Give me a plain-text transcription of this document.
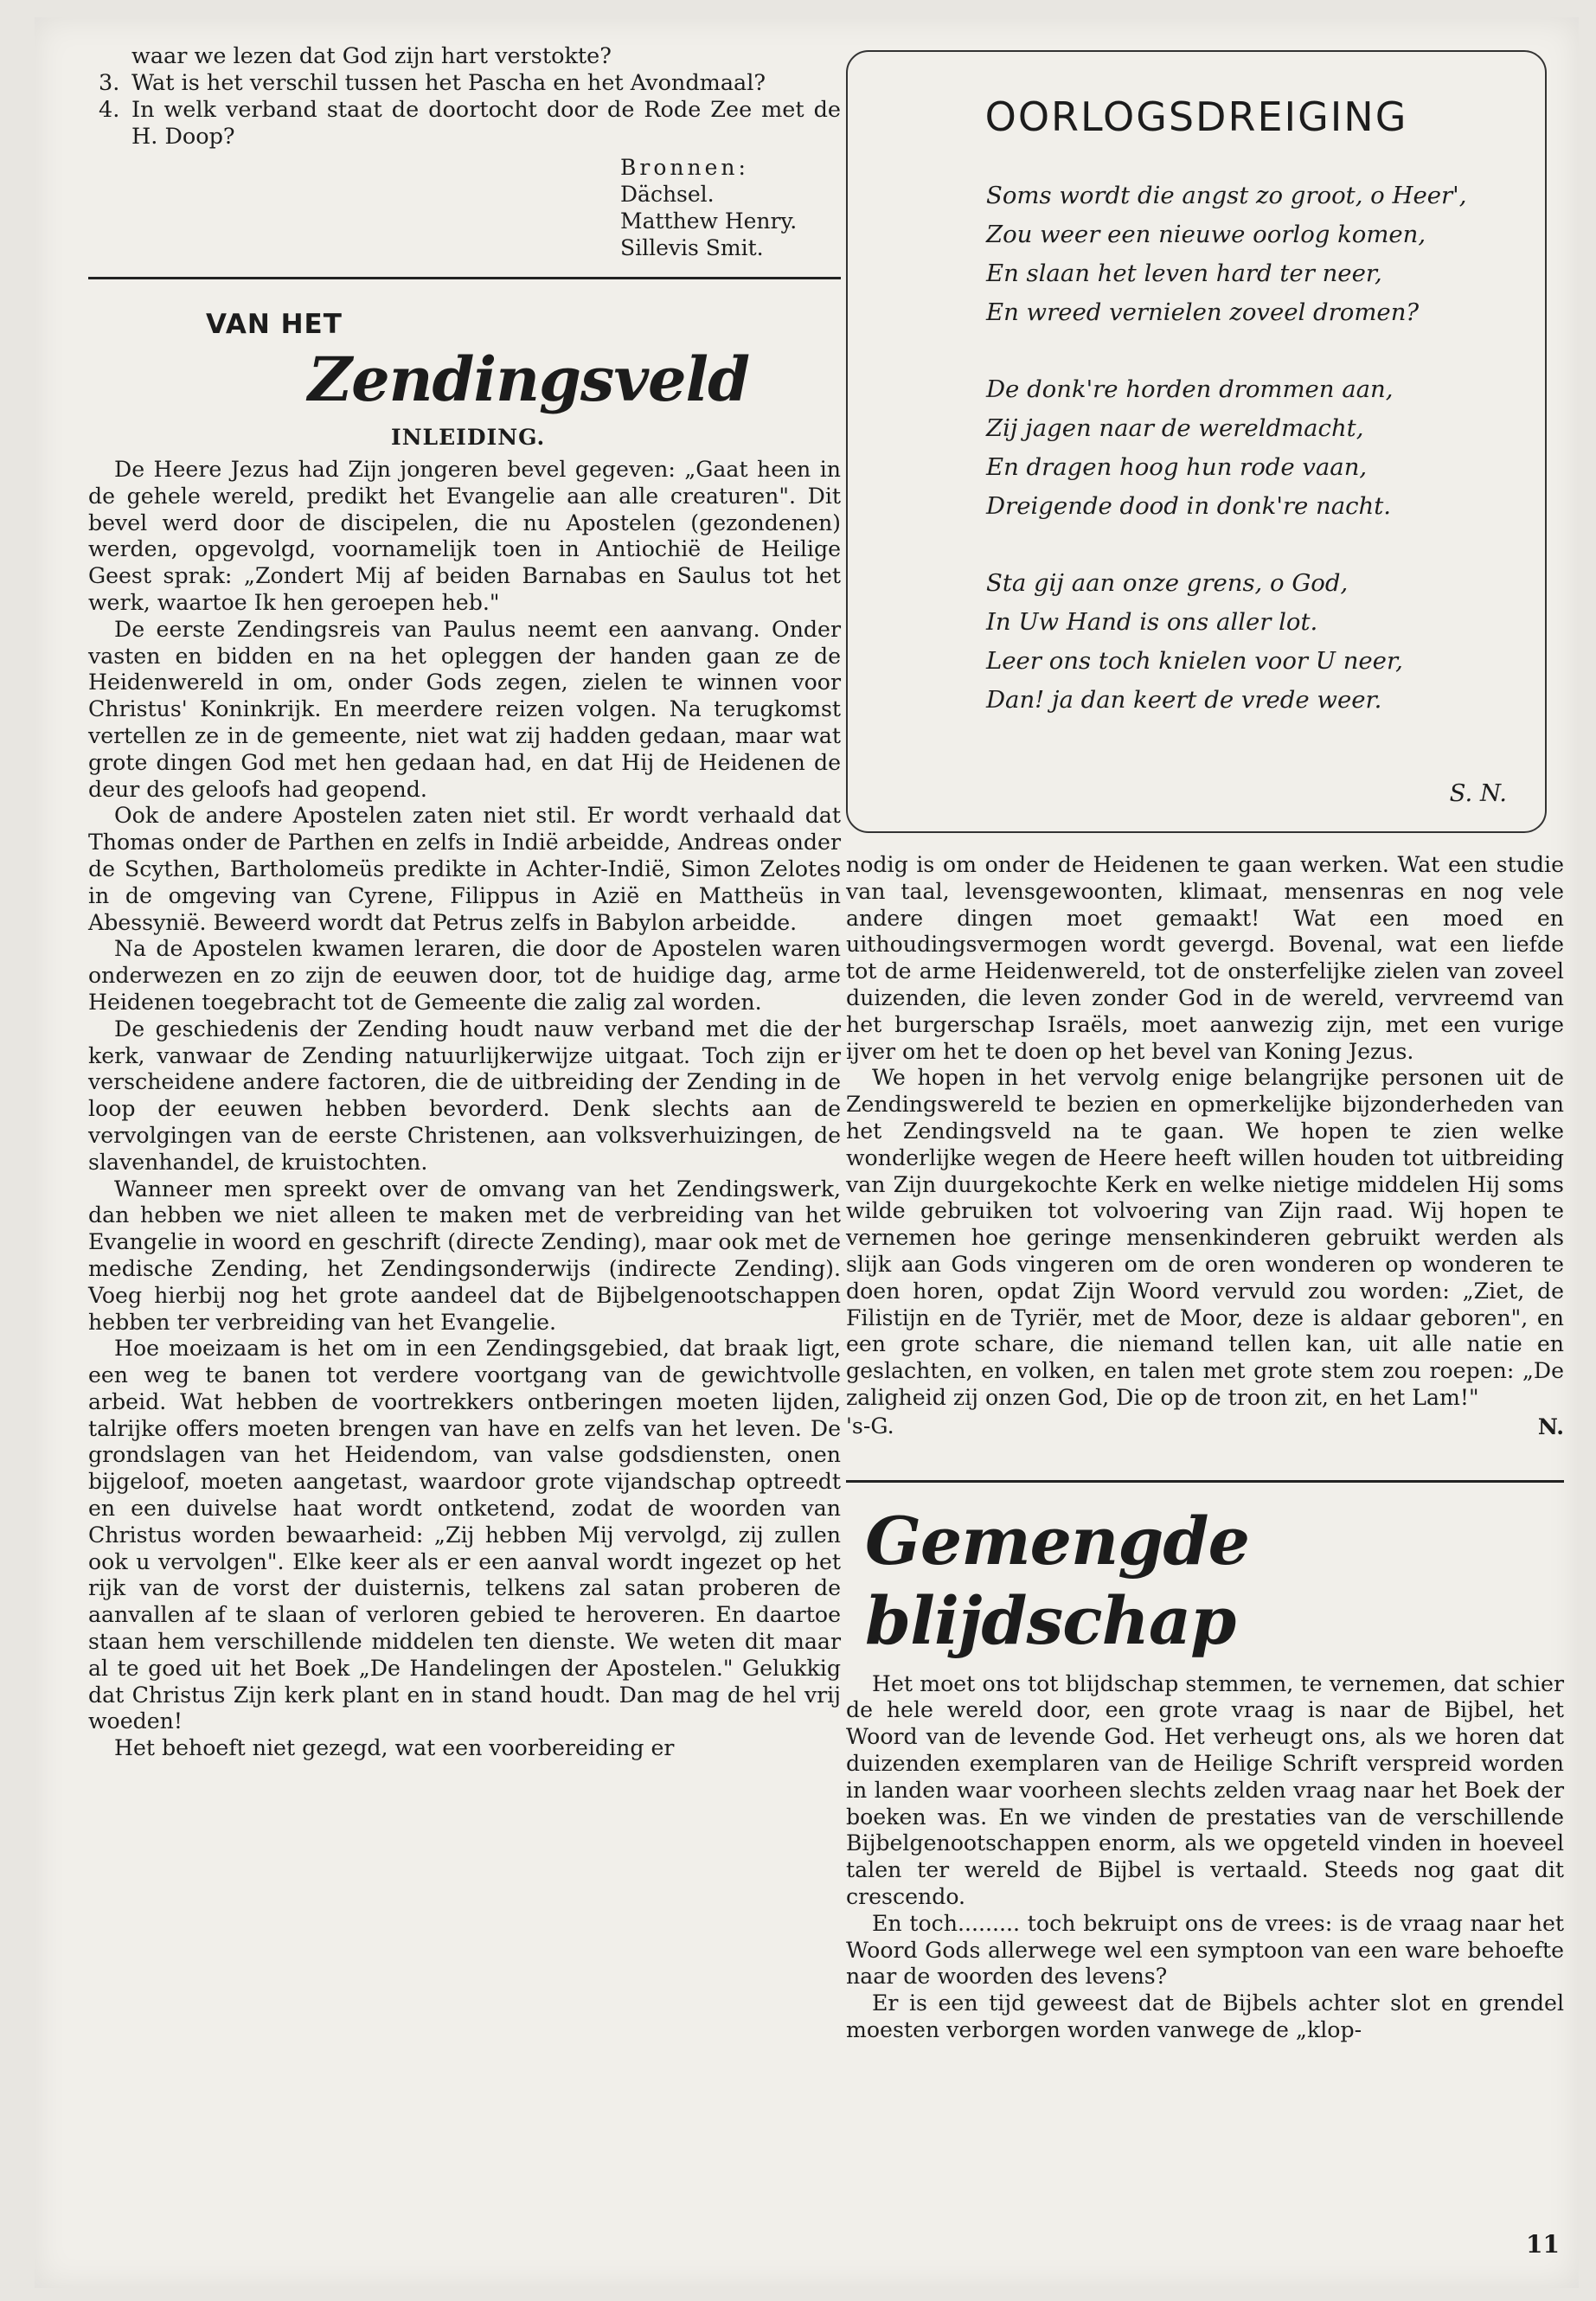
waar we lezen dat God zijn hart verstokte?
3. Wat is het verschil tussen het Pascha en het Avondmaal?
4. In welk verband staat de doortocht door de Rode Zee met de H. Doop?
Bronnen:
Dächsel.
Matthew Henry.
Sillevis Smit.
VAN HET
Zendingsveld
INLEIDING.

De Heere Jezus had Zijn jongeren bevel gegeven: „Gaat heen in de gehele wereld, predikt het Evangelie aan alle creaturen". Dit bevel werd door de discipelen, die nu Apostelen (gezondenen) werden, opgevolgd, voornamelijk toen in Antiochië de Heilige Geest sprak: „Zondert Mij af beiden Barnabas en Saulus tot het werk, waartoe Ik hen geroepen heb."

De eerste Zendingsreis van Paulus neemt een aanvang. Onder vasten en bidden en na het opleggen der handen gaan ze de Heidenwereld in om, onder Gods zegen, zielen te winnen voor Christus' Koninkrijk. En meerdere reizen volgen. Na terugkomst vertellen ze in de gemeente, niet wat zij hadden gedaan, maar wat grote dingen God met hen gedaan had, en dat Hij de Heidenen de deur des geloofs had geopend.

Ook de andere Apostelen zaten niet stil. Er wordt verhaald dat Thomas onder de Parthen en zelfs in Indië arbeidde, Andreas onder de Scythen, Bartholomeüs predikte in Achter-Indië, Simon Zelotes in de omgeving van Cyrene, Filippus in Azië en Mattheüs in Abessynië. Beweerd wordt dat Petrus zelfs in Babylon arbeidde.

Na de Apostelen kwamen leraren, die door de Apostelen waren onderwezen en zo zijn de eeuwen door, tot de huidige dag, arme Heidenen toegebracht tot de Gemeente die zalig zal worden.

De geschiedenis der Zending houdt nauw verband met die der kerk, vanwaar de Zending natuurlijkerwijze uitgaat. Toch zijn er verscheidene andere factoren, die de uitbreiding der Zending in de loop der eeuwen hebben bevorderd. Denk slechts aan de vervolgingen van de eerste Christenen, aan volksverhuizingen, de slavenhandel, de kruistochten.

Wanneer men spreekt over de omvang van het Zendingswerk, dan hebben we niet alleen te maken met de verbreiding van het Evangelie in woord en geschrift (directe Zending), maar ook met de medische Zending, het Zendingsonderwijs (indirecte Zending). Voeg hierbij nog het grote aandeel dat de Bijbelgenootschappen hebben ter verbreiding van het Evangelie.

Hoe moeizaam is het om in een Zendingsgebied, dat braak ligt, een weg te banen tot verdere voortgang van de gewichtvolle arbeid. Wat hebben de voortrekkers ontberingen moeten lijden, talrijke offers moeten brengen van have en zelfs van het leven. De grondslagen van het Heidendom, van valse godsdiensten, onen bijgeloof, moeten aangetast, waardoor grote vijandschap optreedt en een duivelse haat wordt ontketend, zodat de woorden van Christus worden bewaarheid: „Zij hebben Mij vervolgd, zij zullen ook u vervolgen". Elke keer als er een aanval wordt ingezet op het rijk van de vorst der duisternis, telkens zal satan proberen de aanvallen af te slaan of verloren gebied te heroveren. En daartoe staan hem verschillende middelen ten dienste. We weten dit maar al te goed uit het Boek „De Handelingen der Apostelen." Gelukkig dat Christus Zijn kerk plant en in stand houdt. Dan mag de hel vrij woeden!

Het behoeft niet gezegd, wat een voorbereiding er

OORLOGSDREIGING
Soms wordt die angst zo groot, o Heer',
Zou weer een nieuwe oorlog komen,
En slaan het leven hard ter neer,
En wreed vernielen zoveel dromen?
De donk're horden drommen aan,
Zij jagen naar de wereldmacht,
En dragen hoog hun rode vaan,
Dreigende dood in donk're nacht.
Sta gij aan onze grens, o God,
In Uw Hand is ons aller lot.
Leer ons toch knielen voor U neer,
Dan! ja dan keert de vrede weer.
S. N.

nodig is om onder de Heidenen te gaan werken. Wat een studie van taal, levensgewoonten, klimaat, mensenras en nog vele andere dingen moet gemaakt! Wat een moed en uithoudingsvermogen wordt gevergd. Bovenal, wat een liefde tot de arme Heidenwereld, tot de onsterfelijke zielen van zoveel duizenden, die leven zonder God in de wereld, vervreemd van het burgerschap Israëls, moet aanwezig zijn, met een vurige ijver om het te doen op het bevel van Koning Jezus.

We hopen in het vervolg enige belangrijke personen uit de Zendingswereld te bezien en opmerkelijke bijzonderheden van het Zendingsveld na te gaan. We hopen te zien welke wonderlijke wegen de Heere heeft willen houden tot uitbreiding van Zijn duurgekochte Kerk en welke nietige middelen Hij soms wilde gebruiken tot volvoering van Zijn raad. Wij hopen te vernemen hoe geringe mensenkinderen gebruikt werden als slijk aan Gods vingeren om de oren wonderen op wonderen te doen horen, opdat Zijn Woord vervuld zou worden: „Ziet, de Filistijn en de Tyriër, met de Moor, deze is aldaar geboren", en een grote schare, die niemand tellen kan, uit alle natie en geslachten, en volken, en talen met grote stem zou roepen: „De zaligheid zij onzen God, Die op de troon zit, en het Lam!"

's-G.	N.
Gemengde blijdschap

Het moet ons tot blijdschap stemmen, te vernemen, dat schier de hele wereld door, een grote vraag is naar de Bijbel, het Woord van de levende God. Het verheugt ons, als we horen dat duizenden exemplaren van de Heilige Schrift verspreid worden in landen waar voorheen slechts zelden vraag naar het Boek der boeken was. En we vinden de prestaties van de verschillende Bijbelgenootschappen enorm, als we opgeteld vinden in hoeveel talen ter wereld de Bijbel is vertaald. Steeds nog gaat dit crescendo.

En toch......... toch bekruipt ons de vrees: is de vraag naar het Woord Gods allerwege wel een symptoon van een ware behoefte naar de woorden des levens?

Er is een tijd geweest dat de Bijbels achter slot en grendel moesten verborgen worden vanwege de „klop-

11
